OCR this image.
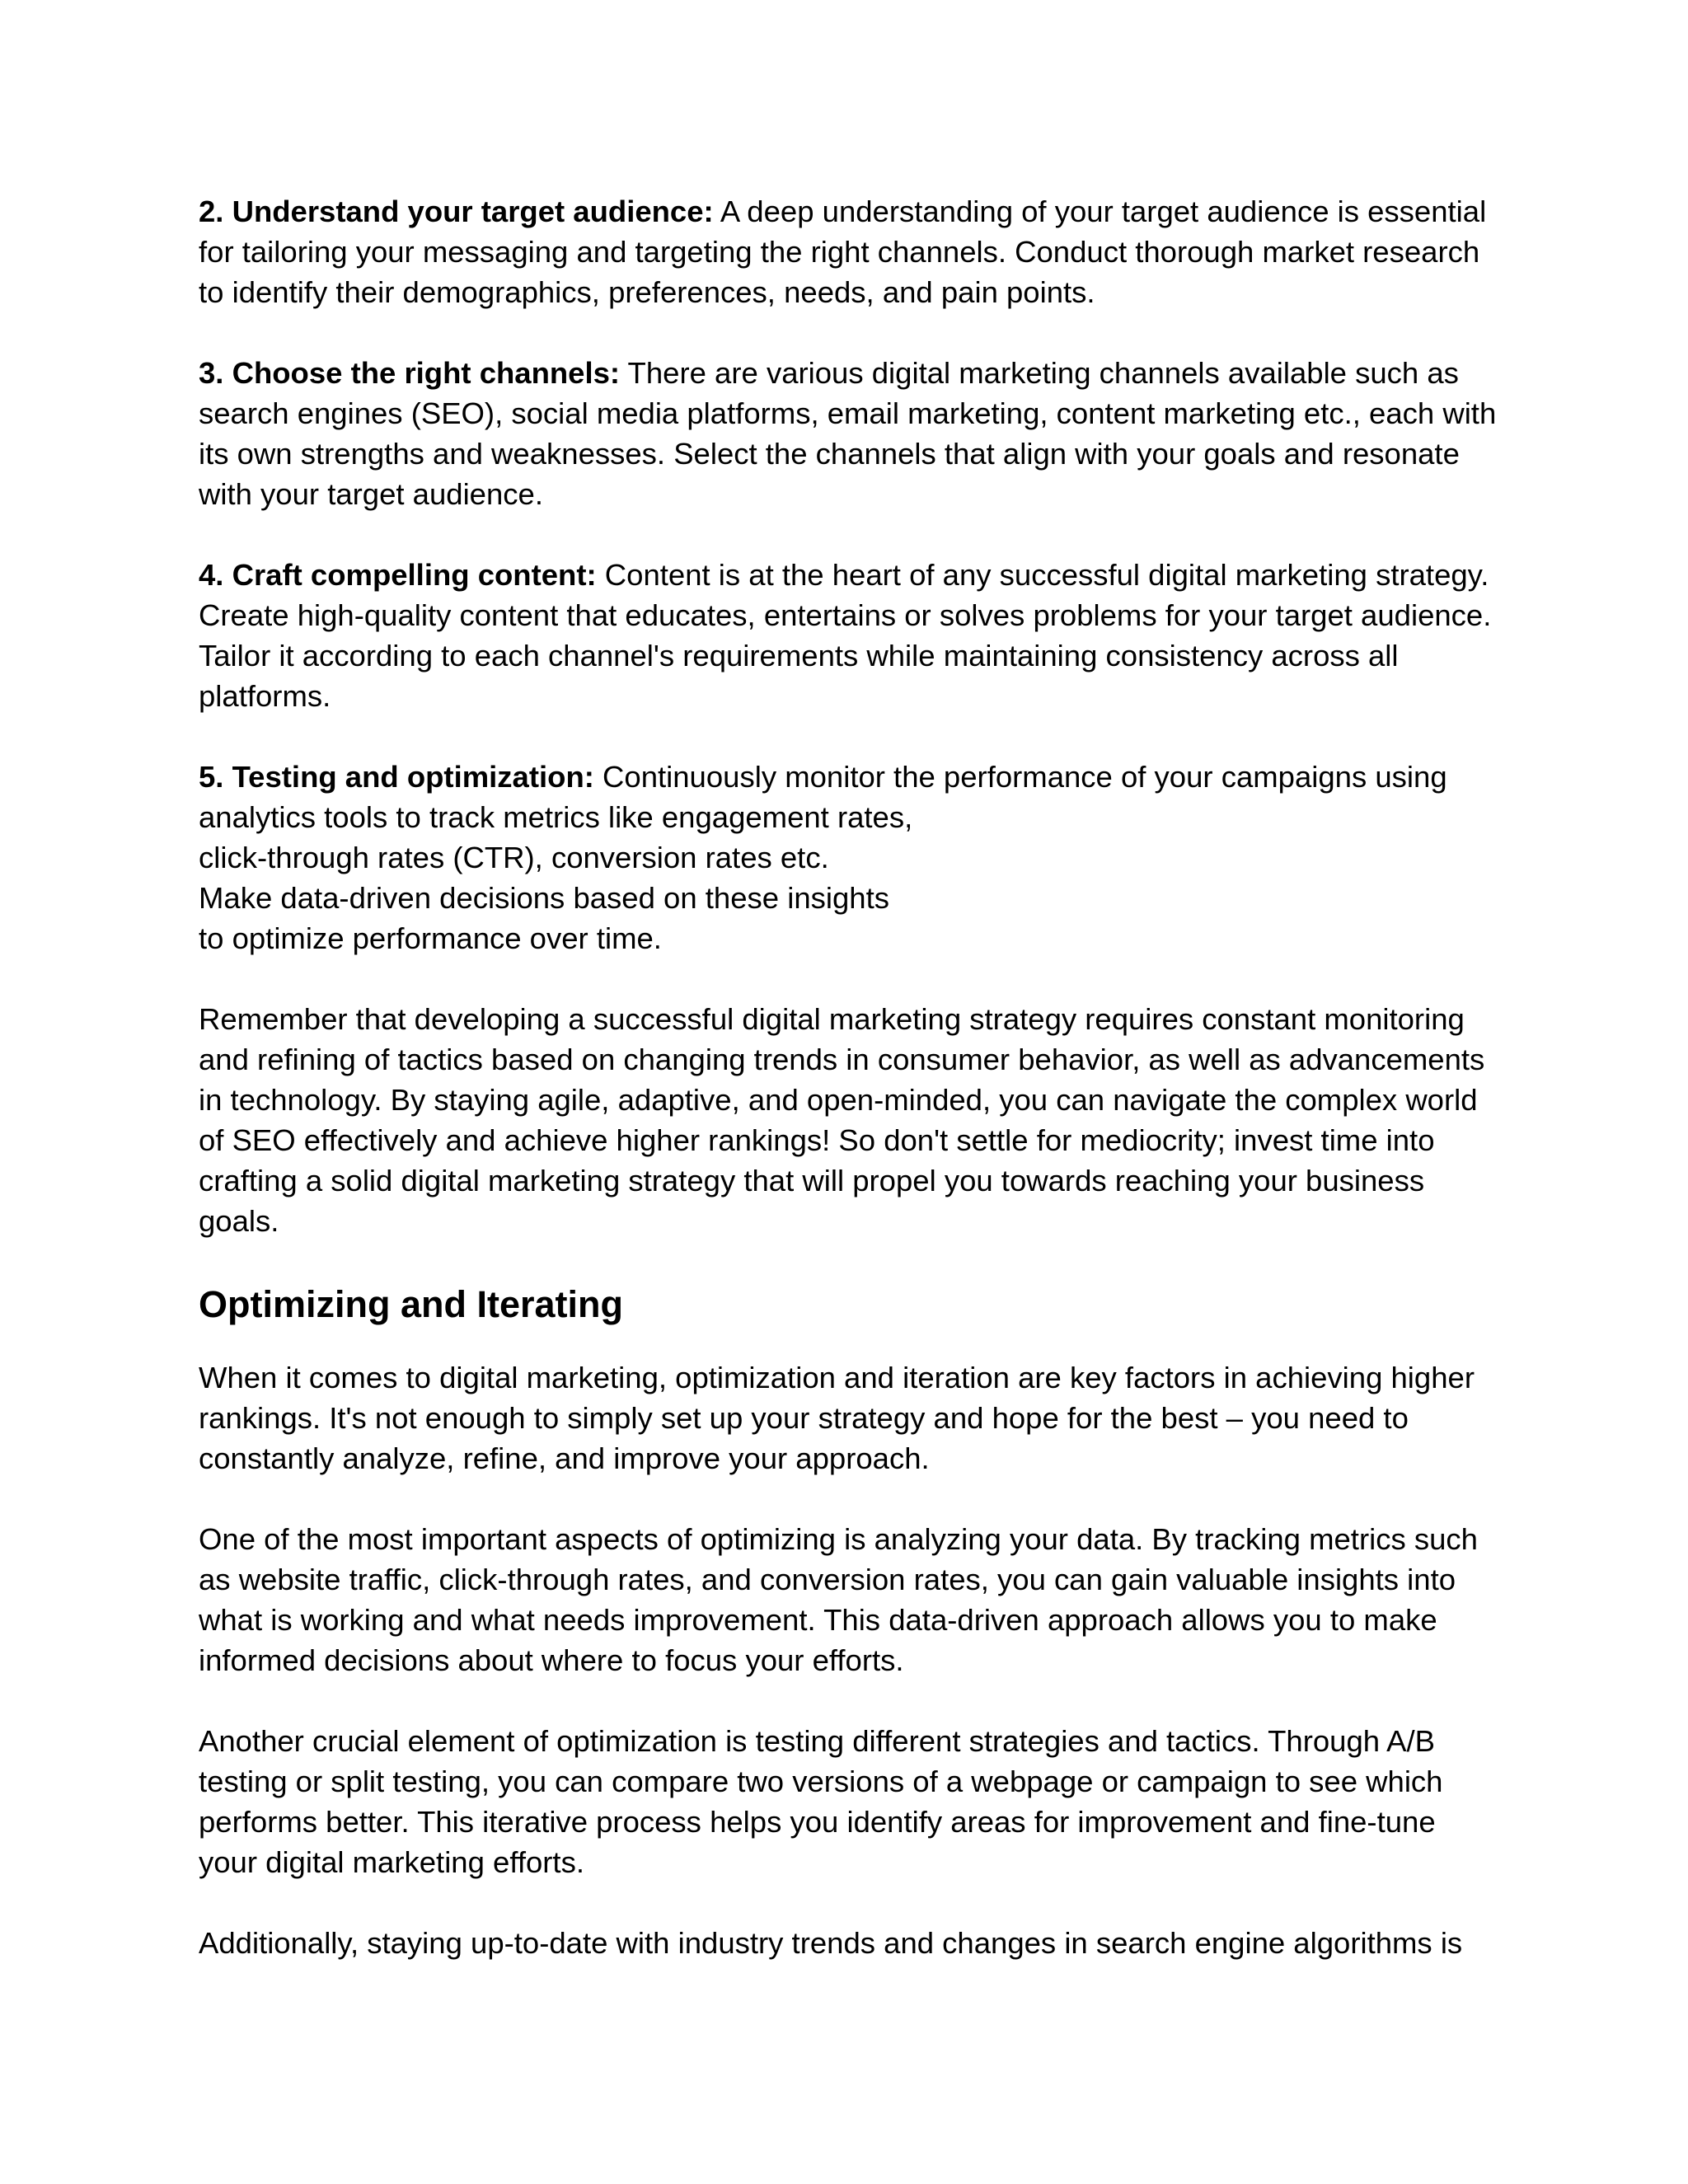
2. Understand your target audience: A deep understanding of your target audience is essential for tailoring your messaging and targeting the right channels. Conduct thorough market research to identify their demographics, preferences, needs, and pain points.

3. Choose the right channels: There are various digital marketing channels available such as search engines (SEO), social media platforms, email marketing, content marketing etc., each with its own strengths and weaknesses. Select the channels that align with your goals and resonate with your target audience.

4. Craft compelling content: Content is at the heart of any successful digital marketing strategy. Create high-quality content that educates, entertains or solves problems for your target audience. Tailor it according to each channel's requirements while maintaining consistency across all platforms.

5. Testing and optimization: Continuously monitor the performance of your campaigns using analytics tools to track metrics like engagement rates,
click-through rates (CTR), conversion rates etc.
Make data-driven decisions based on these insights
to optimize performance over time.

Remember that developing a successful digital marketing strategy requires constant monitoring and refining of tactics based on changing trends in consumer behavior, as well as advancements in technology. By staying agile, adaptive, and open-minded, you can navigate the complex world of SEO effectively and achieve higher rankings! So don't settle for mediocrity; invest time into crafting a solid digital marketing strategy that will propel you towards reaching your business goals.

Optimizing and Iterating

When it comes to digital marketing, optimization and iteration are key factors in achieving higher rankings. It's not enough to simply set up your strategy and hope for the best – you need to constantly analyze, refine, and improve your approach.

One of the most important aspects of optimizing is analyzing your data. By tracking metrics such as website traffic, click-through rates, and conversion rates, you can gain valuable insights into what is working and what needs improvement. This data-driven approach allows you to make informed decisions about where to focus your efforts.

Another crucial element of optimization is testing different strategies and tactics. Through A/B testing or split testing, you can compare two versions of a webpage or campaign to see which performs better. This iterative process helps you identify areas for improvement and fine-tune your digital marketing efforts.

Additionally, staying up-to-date with industry trends and changes in search engine algorithms is
